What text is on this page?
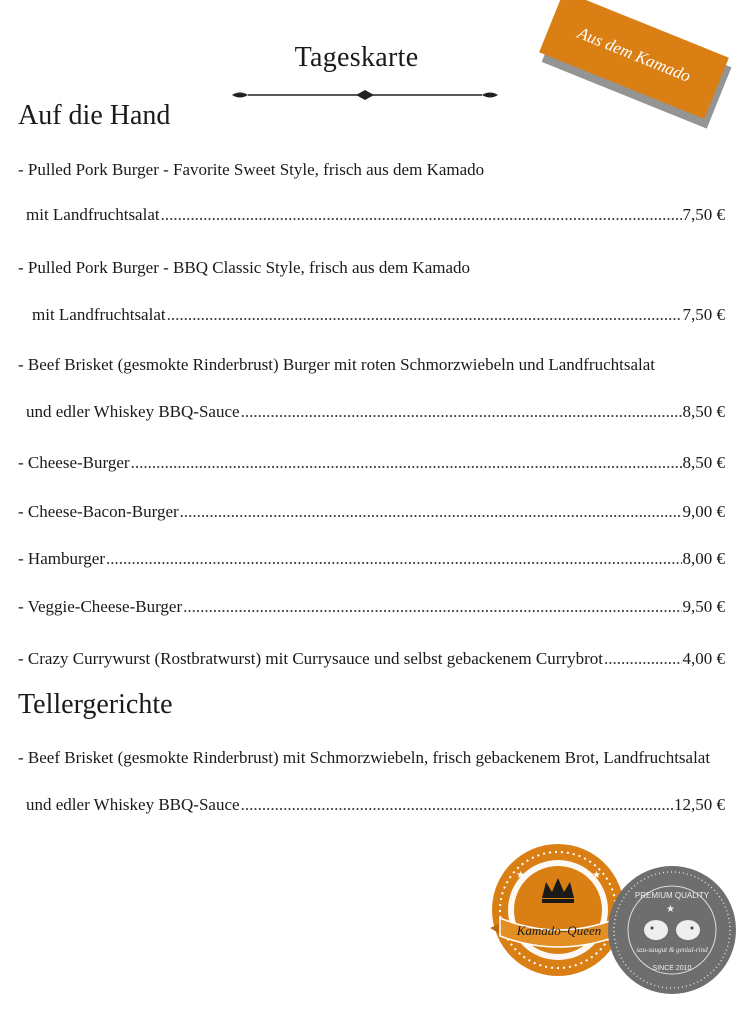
Tageskarte	Aus dem Kamado
Auf die Hand
- Pulled Pork Burger - Favorite Sweet Style, frisch aus dem Kamado
mit Landfruchtsalat .....	7,50 €
- Pulled Pork Burger - BBQ Classic Style, frisch aus dem Kamado
mit Landfruchtsalat .....	7,50 €
- Beef Brisket (gesmokte Rinderbrust) Burger mit roten Schmorzwiebeln und Landfruchtsalat
und edler Whiskey BBQ-Sauce .....	8,50 €
- Cheese-Burger .....	8,50 €
- Cheese-Bacon-Burger .....	9,00 €
- Hamburger .....	8,00 €
- Veggie-Cheese-Burger .....	9,50 €
- Crazy Currywurst (Rostbratwurst) mit Currysauce und selbst gebackenem Currybrot .....	4,00 €
Tellergerichte
- Beef Brisket (gesmokte Rinderbrust) mit Schmorzwiebeln, frisch gebackenem Brot, Landfruchtsalat
und edler Whiskey BBQ-Sauce .....	12,50 €
Kamado–Queen
★	★
PREMIUM QUALITY
sau-saugut & genial-rind
SINCE 2010
★
